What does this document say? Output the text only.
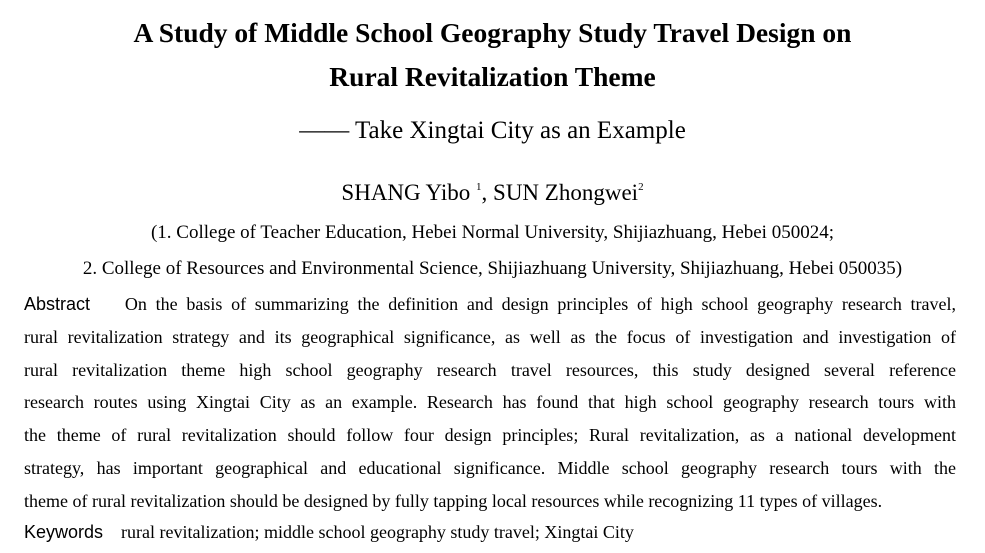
A Study of Middle School Geography Study Travel Design on
Rural Revitalization Theme
—— Take Xingtai City as an Example
SHANG Yibo $^1$, SUN Zhongwei$^2$
(1. College of Teacher Education, Hebei Normal University, Shijiazhuang, Hebei 050024;
2. College of Resources and Environmental Science, Shijiazhuang University, Shijiazhuang, Hebei 050035)
Abstract On the basis of summarizing the definition and design principles of high school geography research travel,
rural revitalization strategy and its geographical significance, as well as the focus of investigation and investigation of
rural revitalization theme high school geography research travel resources, this study designed several reference
research routes using Xingtai City as an example. Research has found that high school geography research tours with
the theme of rural revitalization should follow four design principles; Rural revitalization, as a national development
strategy, has important geographical and educational significance. Middle school geography research tours with the
theme of rural revitalization should be designed by fully tapping local resources while recognizing 11 types of villages.
Keywords rural revitalization; middle school geography study travel; Xingtai City
